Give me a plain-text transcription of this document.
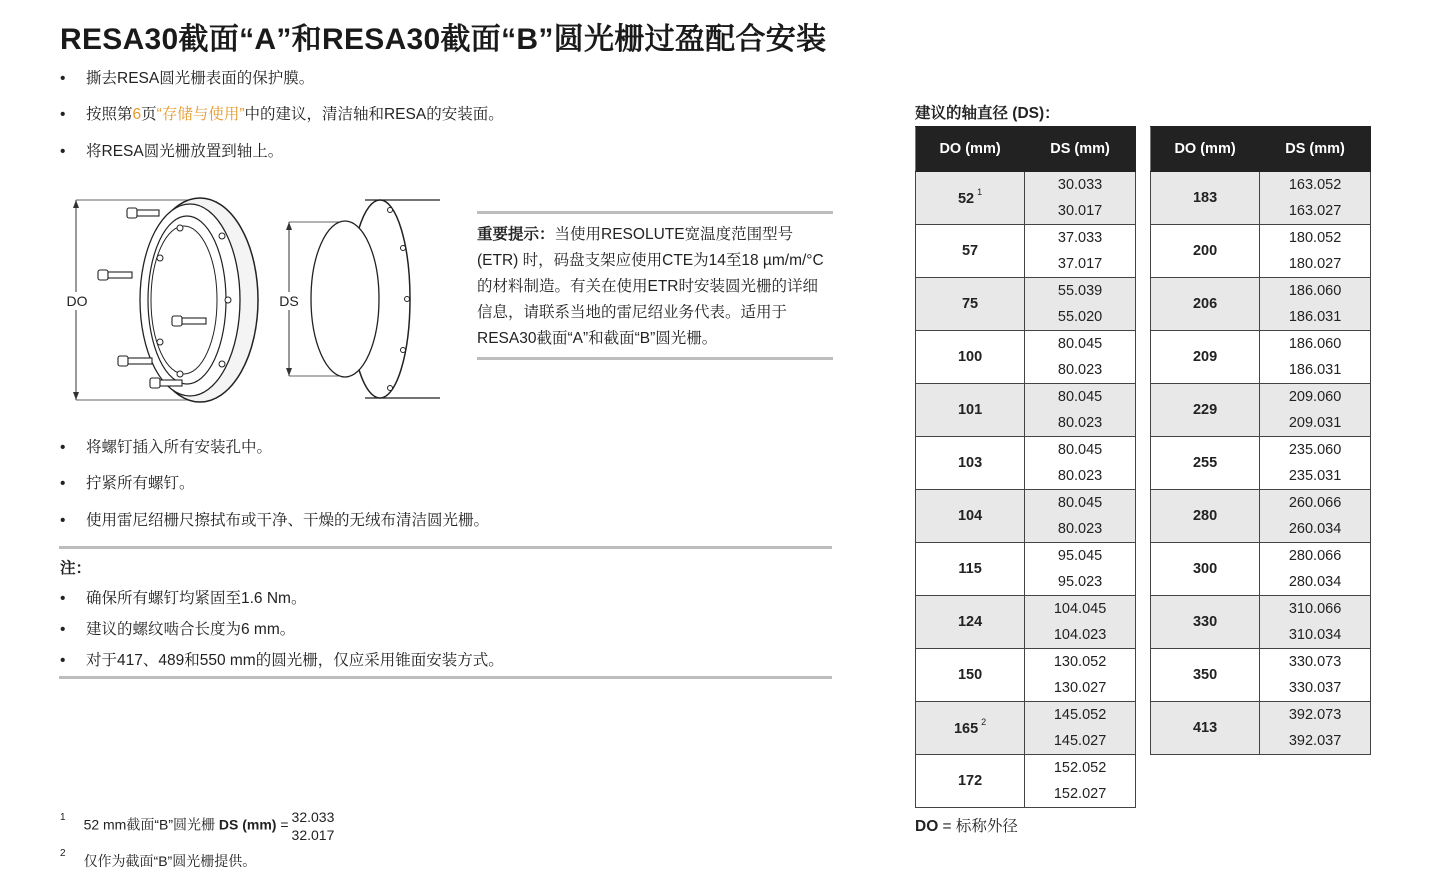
RESA30截面“A”和RESA30截面“B”圆光栅过盈配合安装
• 撕去RESA圆光栅表面的保护膜。
• 按照第6页“存储与使用”中的建议，清洁轴和RESA的安装面。
• 将RESA圆光栅放置到轴上。
DO	DS
重要提示：当使用RESOLUTE宽温度范围型号(ETR) 时，码盘支架应使用CTE为14至18 µm/m/°C的材料制造。有关在使用ETR时安装圆光栅的详细信息，请联系当地的雷尼绍业务代表。适用于RESA30截面“A”和截面“B”圆光栅。
• 将螺钉插入所有安装孔中。
• 拧紧所有螺钉。
• 使用雷尼绍栅尺擦拭布或干净、干燥的无绒布清洁圆光栅。
注：
• 确保所有螺钉均紧固至1.6 Nm。
• 建议的螺纹啮合长度为6 mm。
• 对于417、489和550 mm的圆光栅，仅应采用锥面安装方式。
$^1$ 52 mm截面“B”圆光栅 DS (mm) = 32.033
32.017
$^2$ 仅作为截面“B”圆光栅提供。
建议的轴直径 (DS)：
DO (mm)	DS (mm)
52 $^1$	30.033
	30.017
57	37.033
	37.017
75	55.039
	55.020
100	80.045
	80.023
101	80.045
	80.023
103	80.045
	80.023
104	80.045
	80.023
115	95.045
	95.023
124	104.045
	104.023
150	130.052
	130.027
165 $^2$	145.052
	145.027
172	152.052
	152.027
DO (mm)	DS (mm)
183	163.052
	163.027
200	180.052
	180.027
206	186.060
	186.031
209	186.060
	186.031
229	209.060
	209.031
255	235.060
	235.031
280	260.066
	260.034
300	280.066
	280.034
330	310.066
	310.034
350	330.073
	330.037
413	392.073
	392.037
DO = 标称外径
